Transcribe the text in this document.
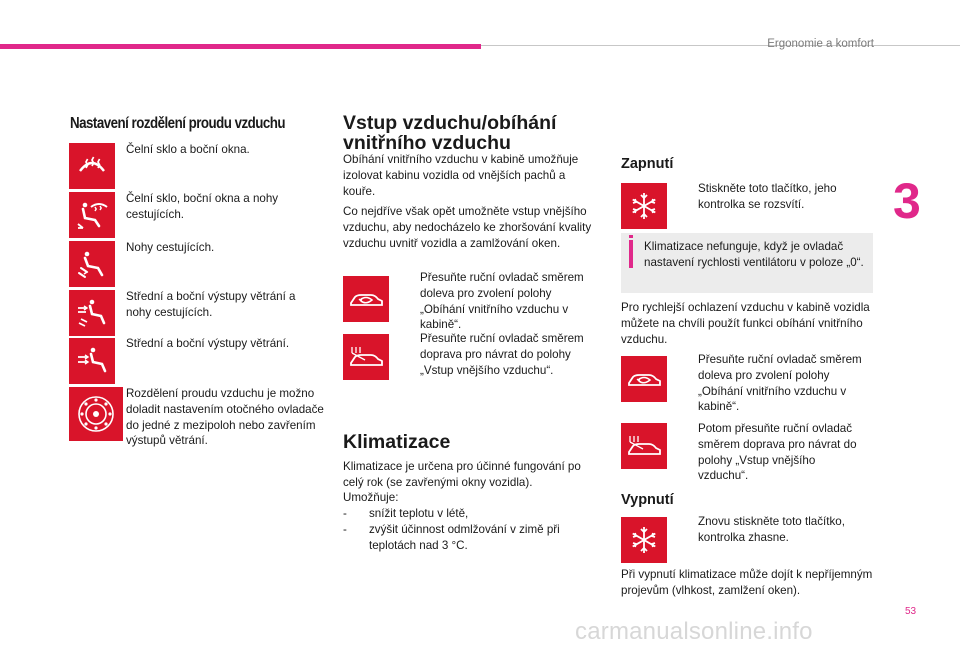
Ergonomie a komfort
3
Nastavení rozdělení proudu vzduchu
Čelní sklo a boční okna.
Čelní sklo, boční okna a nohy cestujících.
Nohy cestujících.
Střední a boční výstupy větrání a nohy cestujících.
Střední a boční výstupy větrání.
Rozdělení proudu vzduchu je možno doladit nastavením otočného ovladače do jedné z mezipoloh nebo zavřením výstupů větrání.
Vstup vzduchu/obíhání vnitřního vzduchu
Obíhání vnitřního vzduchu v kabině umožňuje izolovat kabinu vozidla od vnějších pachů a kouře.
Co nejdříve však opět umožněte vstup vnějšího vzduchu, aby nedocházelo ke zhoršování kvality vzduchu uvnitř vozidla a zamlžování oken.
Přesuňte ruční ovladač směrem doleva pro zvolení polohy „Obíhání vnitřního vzduchu v kabině“.
Přesuňte ruční ovladač směrem doprava pro návrat do polohy „Vstup vnějšího vzduchu“.
Klimatizace
Klimatizace je určena pro účinné fungování po celý rok (se zavřenými okny vozidla).
Umožňuje:
- snížit teplotu v létě,
- zvýšit účinnost odmlžování v zimě při teplotách nad 3 °C.
Zapnutí
Stiskněte toto tlačítko, jeho kontrolka se rozsvítí.
Klimatizace nefunguje, když je ovladač nastavení rychlosti ventilátoru v poloze „0“.
Pro rychlejší ochlazení vzduchu v kabině vozidla můžete na chvíli použít funkci obíhání vnitřního vzduchu.
Přesuňte ruční ovladač směrem doleva pro zvolení polohy „Obíhání vnitřního vzduchu v kabině“.
Potom přesuňte ruční ovladač směrem doprava pro návrat do polohy „Vstup vnějšího vzduchu“.
Vypnutí
Znovu stiskněte toto tlačítko, kontrolka zhasne.
Při vypnutí klimatizace může dojít k nepříjemným projevům (vlhkost, zamlžení oken).
53
carmanualsonline.info
